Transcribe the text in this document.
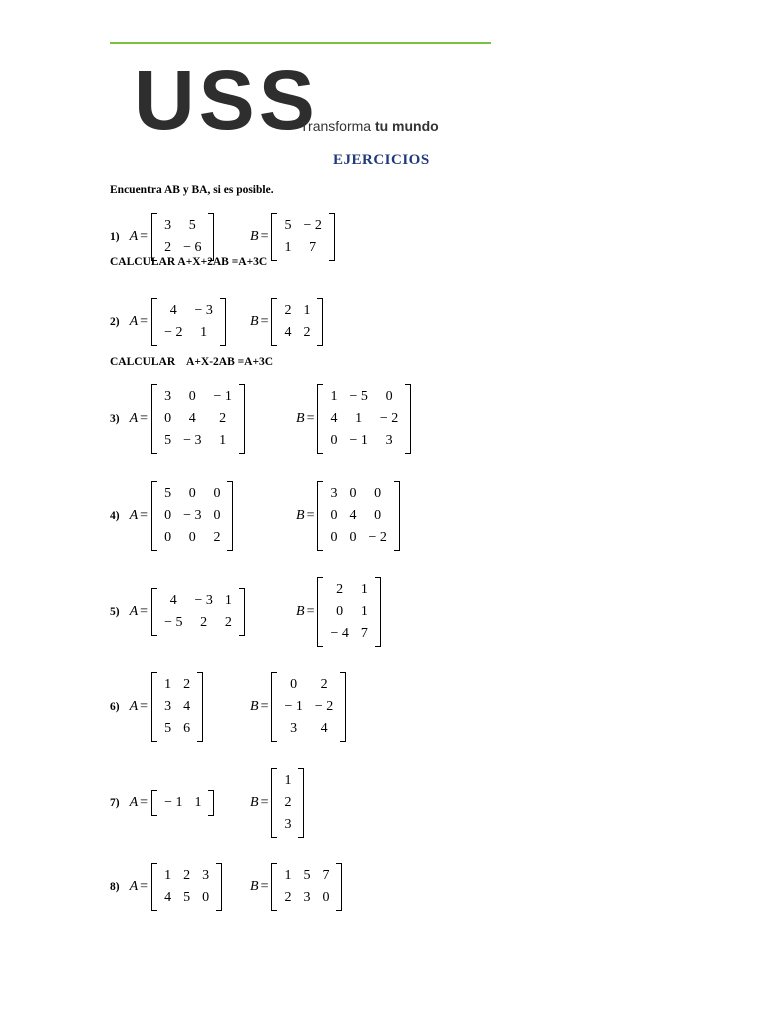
USS
Transforma tu mundo
EJERCICIOS
Encuentra AB y BA, si es posible.
CALCULAR A+X+2AB =A+3C
CALCULAR    A+X-2AB =A+3C
1) A =
3	5
2	− 6
B =
5	− 2
1	7
2) A =
4	− 3
− 2	1
B =
2	1
4	2
3) A =
3	0	− 1
0	4	2
5	− 3	1
B =
1	− 5	0
4	1	− 2
0	− 1	3
4) A =
5	0	0
0	− 3	0
0	0	2
B =
3	0	0
0	4	0
0	0	− 2
5) A =
4	− 3	1
− 5	2	2
B =
2	1
0	1
− 4	7
6) A =
1	2
3	4
5	6
B =
0	2
− 1	− 2
3	4
7) A = − 1	1	B =
1
2
3
8) A =
1	2	3
4	5	0
B =
1	5	7
2	3	0
